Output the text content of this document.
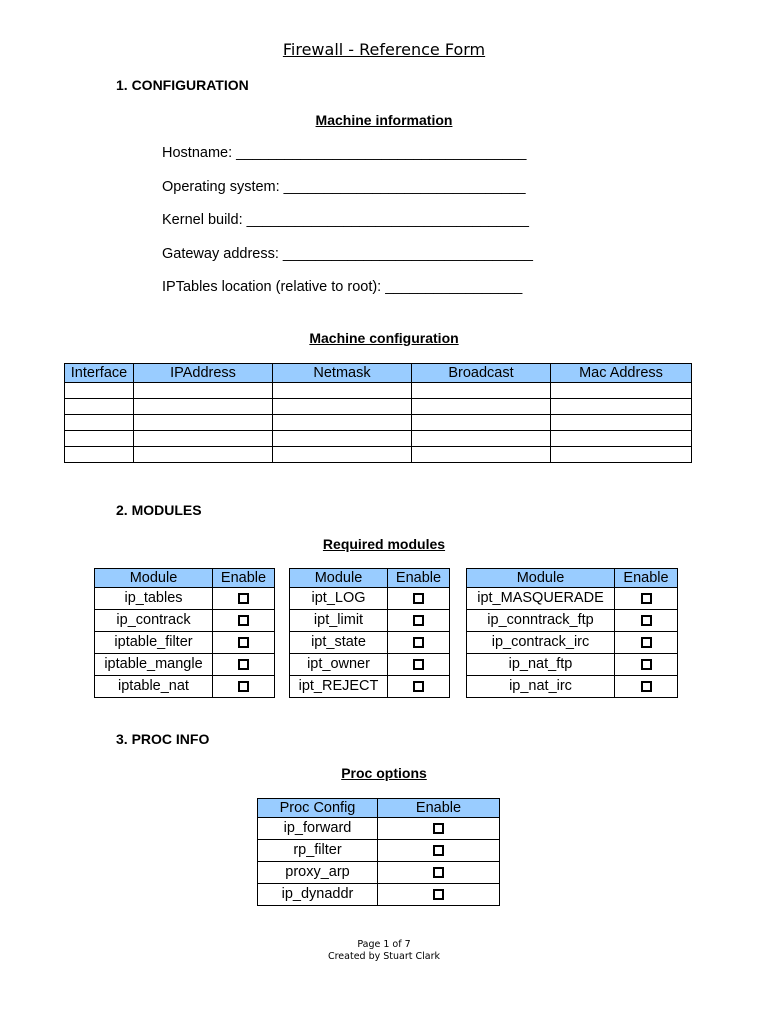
Firewall - Reference Form
1. CONFIGURATION
Machine information
Hostname: ____________________________________
Operating system: ______________________________
Kernel build: ___________________________________
Gateway address: _______________________________
IPTables location (relative to root): _________________
Machine configuration
Interface	IPAddress	Netmask	Broadcast	Mac Address

2. MODULES
Required modules
Module	Enable
ip_tables	
ip_contrack	
iptable_filter	
iptable_mangle	
iptable_nat	
Module	Enable
ipt_LOG	
ipt_limit	
ipt_state	
ipt_owner	
ipt_REJECT	
Module	Enable
ipt_MASQUERADE	
ip_conntrack_ftp	
ip_contrack_irc	
ip_nat_ftp	
ip_nat_irc	
3. PROC INFO
Proc options
Proc Config	Enable
ip_forward	
rp_filter	
proxy_arp	
ip_dynaddr	
Page 1 of 7
Created by Stuart Clark
